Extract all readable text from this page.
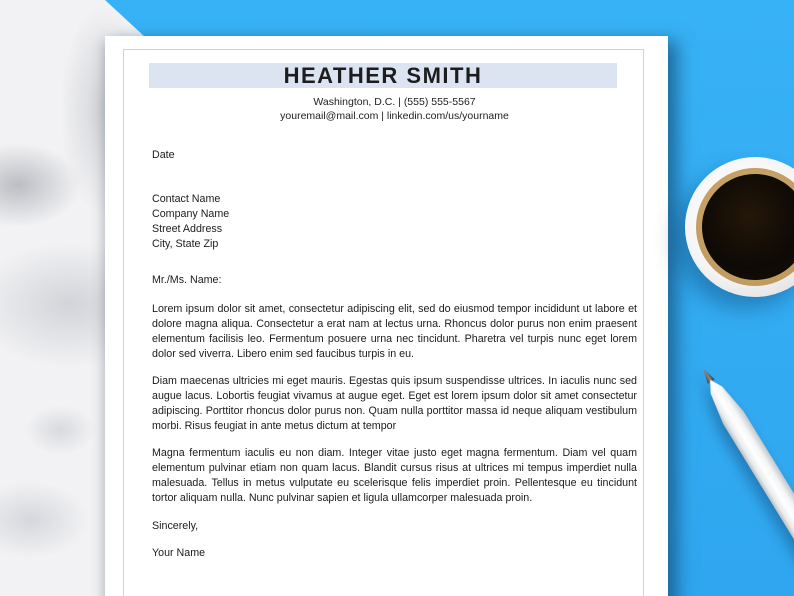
HEATHER SMITH

Washington, D.C. | (555) 555-5567

youremail@mail.com | linkedin.com/us/yourname

Date

Contact Name

Company Name

Street Address

City, State Zip

Mr./Ms. Name:

Lorem ipsum dolor sit amet, consectetur adipiscing elit, sed do eiusmod tempor incididunt ut labore et dolore magna aliqua. Consectetur a erat nam at lectus urna. Rhoncus dolor purus non enim praesent elementum facilisis leo. Fermentum posuere urna nec tincidunt. Pharetra vel turpis nunc eget lorem dolor sed viverra. Libero enim sed faucibus turpis in eu.

Diam maecenas ultricies mi eget mauris. Egestas quis ipsum suspendisse ultrices. In iaculis nunc sed augue lacus. Lobortis feugiat vivamus at augue eget. Eget est lorem ipsum dolor sit amet consectetur adipiscing. Porttitor rhoncus dolor purus non. Quam nulla porttitor massa id neque aliquam vestibulum morbi. Risus feugiat in ante metus dictum at tempor

Magna fermentum iaculis eu non diam. Integer vitae justo eget magna fermentum. Diam vel quam elementum pulvinar etiam non quam lacus. Blandit cursus risus at ultrices mi tempus imperdiet nulla malesuada. Tellus in metus vulputate eu scelerisque felis imperdiet proin. Pellentesque eu tincidunt tortor aliquam nulla. Nunc pulvinar sapien et ligula ullamcorper malesuada proin.

Sincerely,

Your Name
